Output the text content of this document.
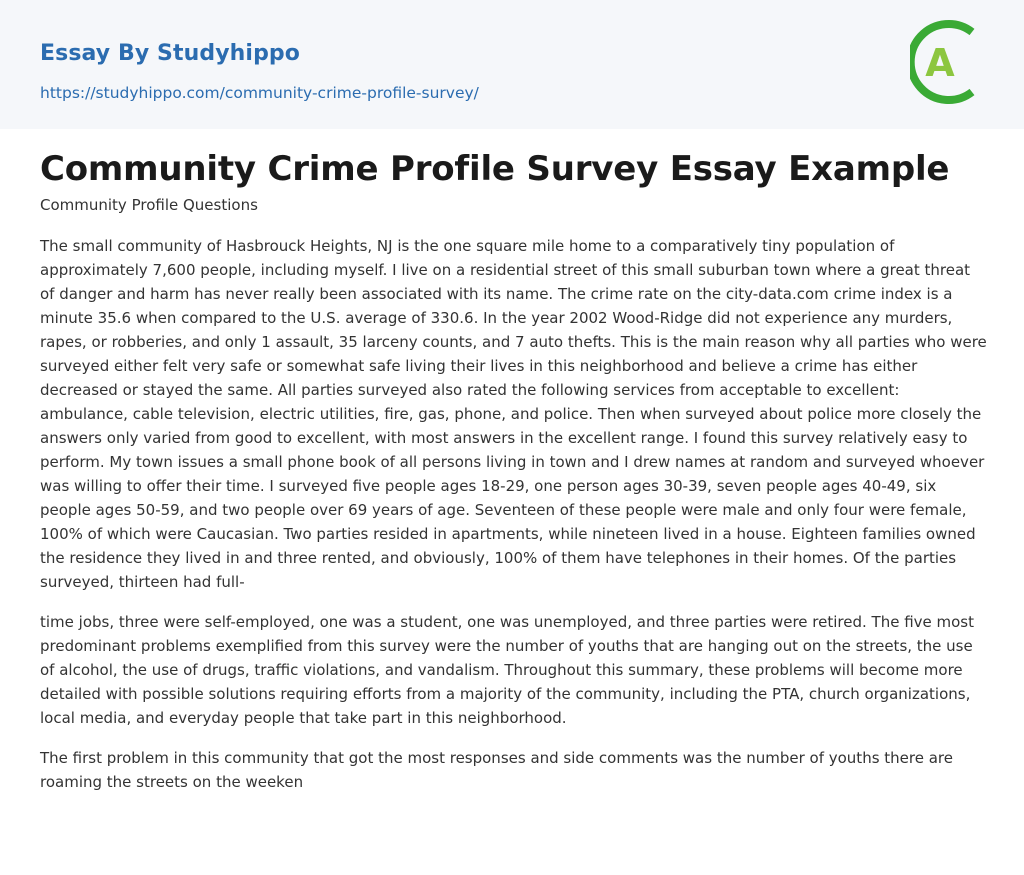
Essay By Studyhippo
https://studyhippo.com/community-crime-profile-survey/
A
Community Crime Profile Survey Essay Example

Community Profile Questions

The small community of Hasbrouck Heights, NJ is the one square mile home to a comparatively tiny population of approximately 7,600 people, including myself. I live on a residential street of this small suburban town where a great threat of danger and harm has never really been associated with its name. The crime rate on the city-data.com crime index is a minute 35.6 when compared to the U.S. average of 330.6. In the year 2002 Wood-Ridge did not experience any murders, rapes, or robberies, and only 1 assault, 35 larceny counts, and 7 auto thefts. This is the main reason why all parties who were surveyed either felt very safe or somewhat safe living their lives in this neighborhood and believe a crime has either decreased or stayed the same. All parties surveyed also rated the following services from acceptable to excellent: ambulance, cable television, electric utilities, fire, gas, phone, and police. Then when surveyed about police more closely the answers only varied from good to excellent, with most answers in the excellent range. I found this survey relatively easy to perform. My town issues a small phone book of all persons living in town and I drew names at random and surveyed whoever was willing to offer their time. I surveyed five people ages 18-29, one person ages 30-39, seven people ages 40-49, six people ages 50-59, and two people over 69 years of age. Seventeen of these people were male and only four were female, 100% of which were Caucasian. Two parties resided in apartments, while nineteen lived in a house. Eighteen families owned the residence they lived in and three rented, and obviously, 100% of them have telephones in their homes. Of the parties surveyed, thirteen had full-

time jobs, three were self-employed, one was a student, one was unemployed, and three parties were retired. The five most predominant problems exemplified from this survey were the number of youths that are hanging out on the streets, the use of alcohol, the use of drugs, traffic violations, and vandalism. Throughout this summary, these problems will become more detailed with possible solutions requiring efforts from a majority of the community, including the PTA, church organizations, local media, and everyday people that take part in this neighborhood.

The first problem in this community that got the most responses and side comments was the number of youths there are roaming the streets on the weeken
